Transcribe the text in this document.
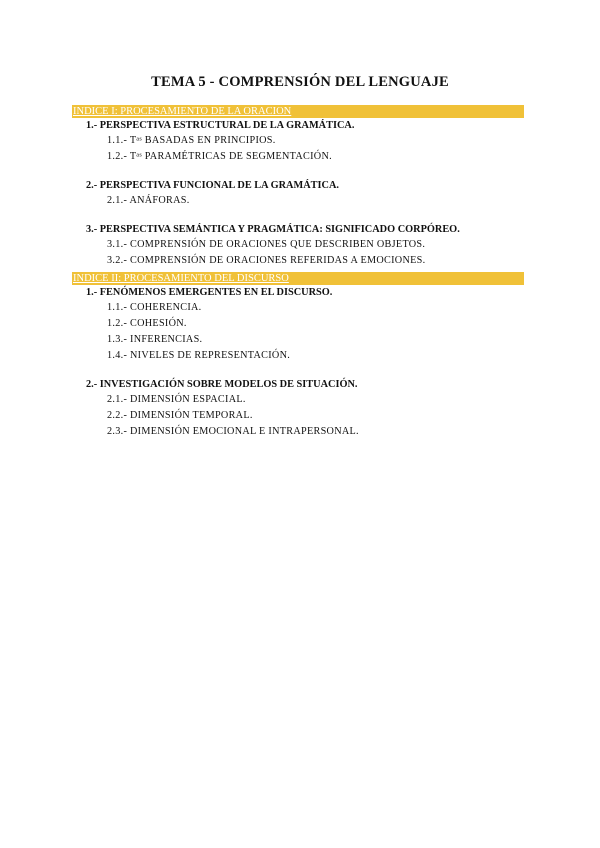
TEMA 5 - COMPRENSIÓN DEL LENGUAJE
INDICE I: PROCESAMIENTO DE LA ORACION
1.- PERSPECTIVA ESTRUCTURAL DE LA GRAMÁTICA.
1.1.- Tᵃˢ BASADAS EN PRINCIPIOS.
1.2.- Tᵃˢ PARAMÉTRICAS DE SEGMENTACIÓN.
2.- PERSPECTIVA FUNCIONAL DE LA GRAMÁTICA.
2.1.- ANÁFORAS.
3.- PERSPECTIVA SEMÁNTICA Y PRAGMÁTICA: SIGNIFICADO CORPÓREO.
3.1.- COMPRENSIÓN DE ORACIONES QUE DESCRIBEN OBJETOS.
3.2.- COMPRENSIÓN DE ORACIONES REFERIDAS A EMOCIONES.
INDICE II: PROCESAMIENTO DEL DISCURSO
1.- FENÓMENOS EMERGENTES EN EL DISCURSO.
1.1.- COHERENCIA.
1.2.- COHESIÓN.
1.3.- INFERENCIAS.
1.4.- NIVELES DE REPRESENTACIÓN.
2.- INVESTIGACIÓN SOBRE MODELOS DE SITUACIÓN.
2.1.- DIMENSIÓN ESPACIAL.
2.2.- DIMENSIÓN TEMPORAL.
2.3.- DIMENSIÓN EMOCIONAL E INTRAPERSONAL.
